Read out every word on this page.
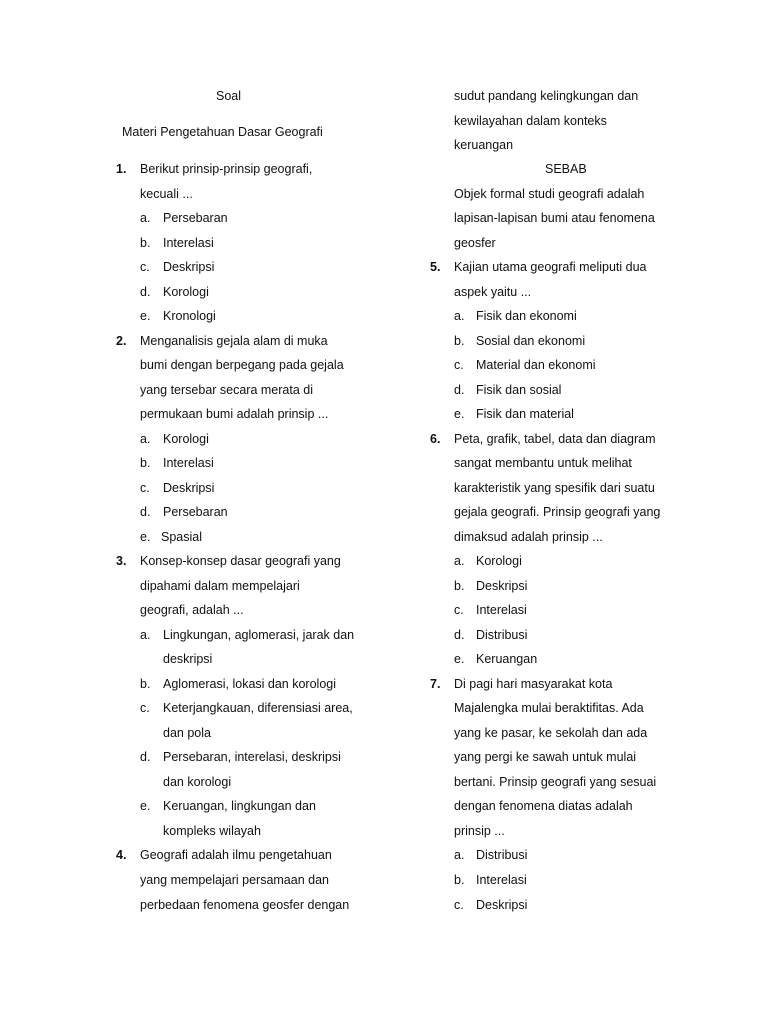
Soal
Materi Pengetahuan Dasar Geografi
1. Berikut prinsip-prinsip geografi,
kecuali ...
a. Persebaran
b. Interelasi
c. Deskripsi
d. Korologi
e. Kronologi
2. Menganalisis gejala alam di muka
bumi dengan berpegang pada gejala
yang tersebar secara merata di
permukaan bumi adalah prinsip ...
a. Korologi
b. Interelasi
c. Deskripsi
d. Persebaran
e. Spasial
3. Konsep-konsep dasar geografi yang
dipahami dalam mempelajari
geografi, adalah ...
a. Lingkungan, aglomerasi, jarak dan
deskripsi
b. Aglomerasi, lokasi dan korologi
c. Keterjangkauan, diferensiasi area,
dan pola
d. Persebaran, interelasi, deskripsi
dan korologi
e. Keruangan, lingkungan dan
kompleks wilayah
4. Geografi adalah ilmu pengetahuan
yang mempelajari persamaan dan
perbedaan fenomena geosfer dengan
sudut pandang kelingkungan dan
kewilayahan dalam konteks
keruangan
SEBAB
Objek formal studi geografi adalah
lapisan-lapisan bumi atau fenomena
geosfer
5. Kajian utama geografi meliputi dua
aspek yaitu ...
a. Fisik dan ekonomi
b. Sosial dan ekonomi
c. Material dan ekonomi
d. Fisik dan sosial
e. Fisik dan material
6. Peta, grafik, tabel, data dan diagram
sangat membantu untuk melihat
karakteristik yang spesifik dari suatu
gejala geografi. Prinsip geografi yang
dimaksud adalah prinsip ...
a. Korologi
b. Deskripsi
c. Interelasi
d. Distribusi
e. Keruangan
7. Di pagi hari masyarakat kota
Majalengka mulai beraktifitas. Ada
yang ke pasar, ke sekolah dan ada
yang pergi ke sawah untuk mulai
bertani. Prinsip geografi yang sesuai
dengan fenomena diatas adalah
prinsip ...
a. Distribusi
b. Interelasi
c. Deskripsi
